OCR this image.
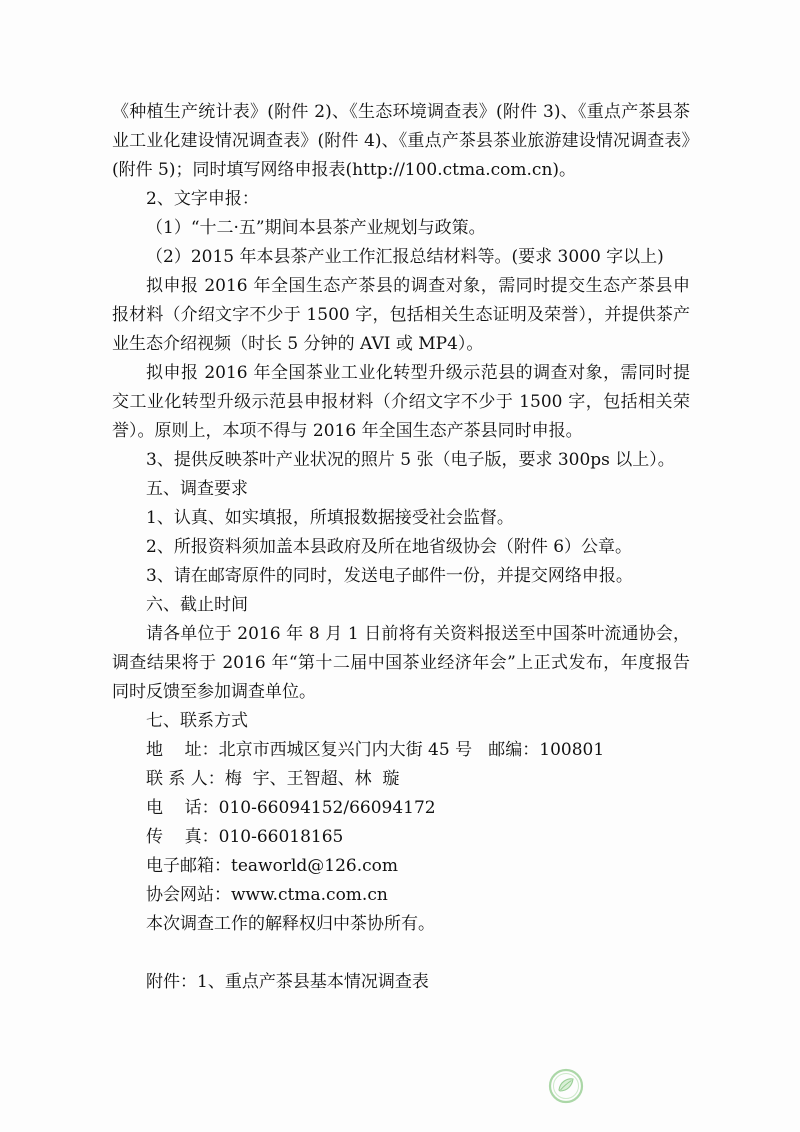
《种植生产统计表》(附件 2)、《生态环境调查表》(附件 3)、《重点产茶县茶业工业化建设情况调查表》(附件 4)、《重点产茶县茶业旅游建设情况调查表》(附件 5)；同时填写网络申报表(http://100.ctma.com.cn)。

2、文字申报：

（1）“十二·五”期间本县茶产业规划与政策。

（2）2015 年本县茶产业工作汇报总结材料等。(要求 3000 字以上)

拟申报 2016 年全国生态产茶县的调查对象，需同时提交生态产茶县申报材料（介绍文字不少于 1500 字，包括相关生态证明及荣誉），并提供茶产业生态介绍视频（时长 5 分钟的 AVI 或 MP4）。

拟申报 2016 年全国茶业工业化转型升级示范县的调查对象，需同时提交工业化转型升级示范县申报材料（介绍文字不少于 1500 字，包括相关荣誉）。原则上，本项不得与 2016 年全国生态产茶县同时申报。

3、提供反映茶叶产业状况的照片 5 张（电子版，要求 300ps 以上）。

五、调查要求

1、认真、如实填报，所填报数据接受社会监督。

2、所报资料须加盖本县政府及所在地省级协会（附件 6）公章。

3、请在邮寄原件的同时，发送电子邮件一份，并提交网络申报。

六、截止时间

请各单位于 2016 年 8 月 1 日前将有关资料报送至中国茶叶流通协会，调查结果将于 2016 年“第十二届中国茶业经济年会”上正式发布，年度报告同时反馈至参加调查单位。

七、联系方式

地    址： 北京市西城区复兴门内大街 45 号   邮编：100801
联 系 人： 梅  宇、王智超、林  璇
电    话： 010-66094152/66094172
传    真： 010-66018165
电子邮箱： teaworld@126.com
协会网站： www.ctma.com.cn

本次调查工作的解释权归中茶协所有。

附件：1、重点产茶县基本情况调查表
